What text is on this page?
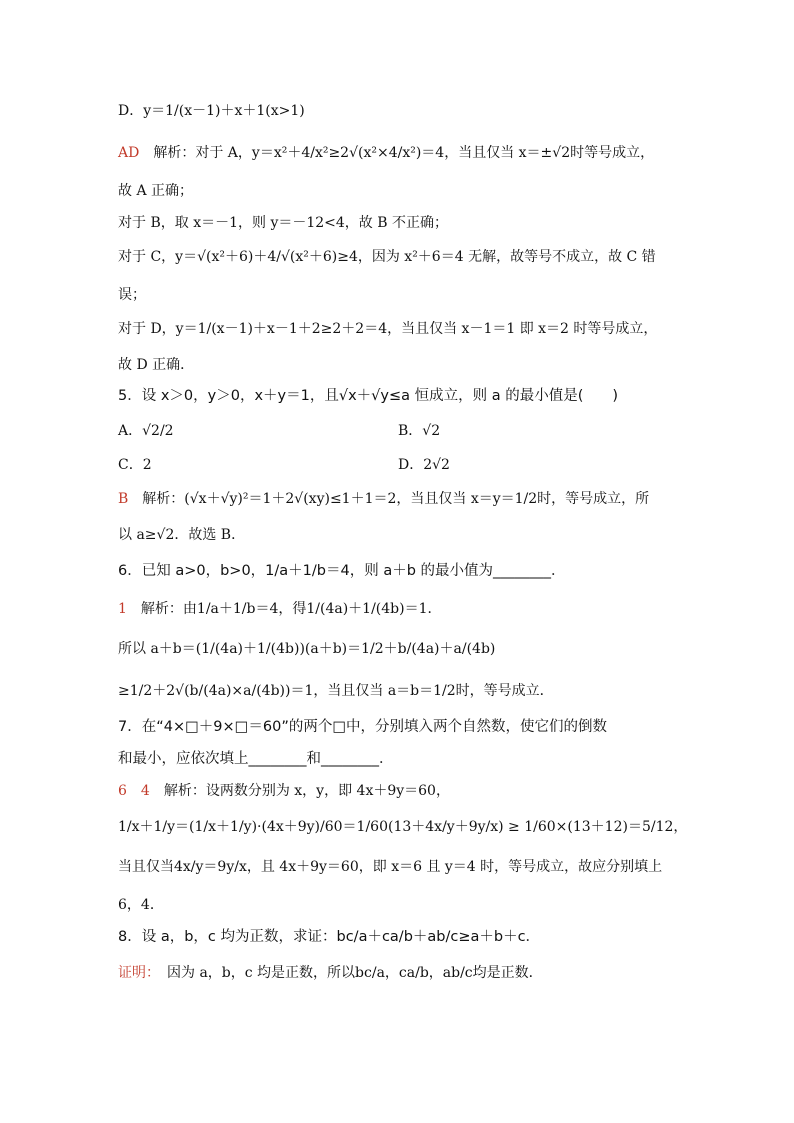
D．y＝1/(x－1)＋x＋1(x>1)
AD　 解析：对于 A，y＝x²＋4/x²≥2√(x²×4/x²)＝4，当且仅当 x＝±√2时等号成立，
故 A 正确；
对于 B，取 x＝－1，则 y＝－12<4，故 B 不正确；
对于 C，y＝√(x²＋6)＋4/√(x²＋6)≥4，因为 x²＋6＝4 无解，故等号不成立，故 C 错
误；
对于 D，y＝1/(x－1)＋x－1＋2≥2＋2＝4，当且仅当 x－1＝1 即 x＝2 时等号成立，
故 D 正确．
5．设 x＞0，y＞0，x＋y＝1，且√x＋√y≤a 恒成立，则 a 的最小值是(　　)
B　 解析：(√x＋√y)²＝1＋2√(xy)≤1＋1＝2，当且仅当 x＝y＝1/2时，等号成立，所
以 a≥√2．故选 B．
6．已知 a>0，b>0，1/a＋1/b＝4，则 a＋b 的最小值为________．
1　 解析：由1/a＋1/b＝4，得1/(4a)＋1/(4b)＝1．
所以 a＋b＝(1/(4a)＋1/(4b))(a＋b)＝1/2＋b/(4a)＋a/(4b)
≥1/2＋2√(b/(4a)×a/(4b))＝1，当且仅当 a＝b＝1/2时，等号成立．
7．在“4×□＋9×□＝60”的两个□中，分别填入两个自然数，使它们的倒数
和最小，应依次填上________和________．
6　4　 解析：设两数分别为 x，y，即 4x＋9y＝60，
1/x＋1/y＝(1/x＋1/y)·(4x＋9y)/60＝1/60(13＋4x/y＋9y/x) ≥ 1/60×(13＋12)＝5/12，
当且仅当4x/y＝9y/x，且 4x＋9y＝60，即 x＝6 且 y＝4 时，等号成立，故应分别填上
6，4．
8．设 a，b，c 均为正数，求证：bc/a＋ca/b＋ab/c≥a＋b＋c．
证明：　 因为 a，b，c 均是正数，所以bc/a，ca/b，ab/c均是正数．
A．√2/2	B．√2
C．2	D．2√2
